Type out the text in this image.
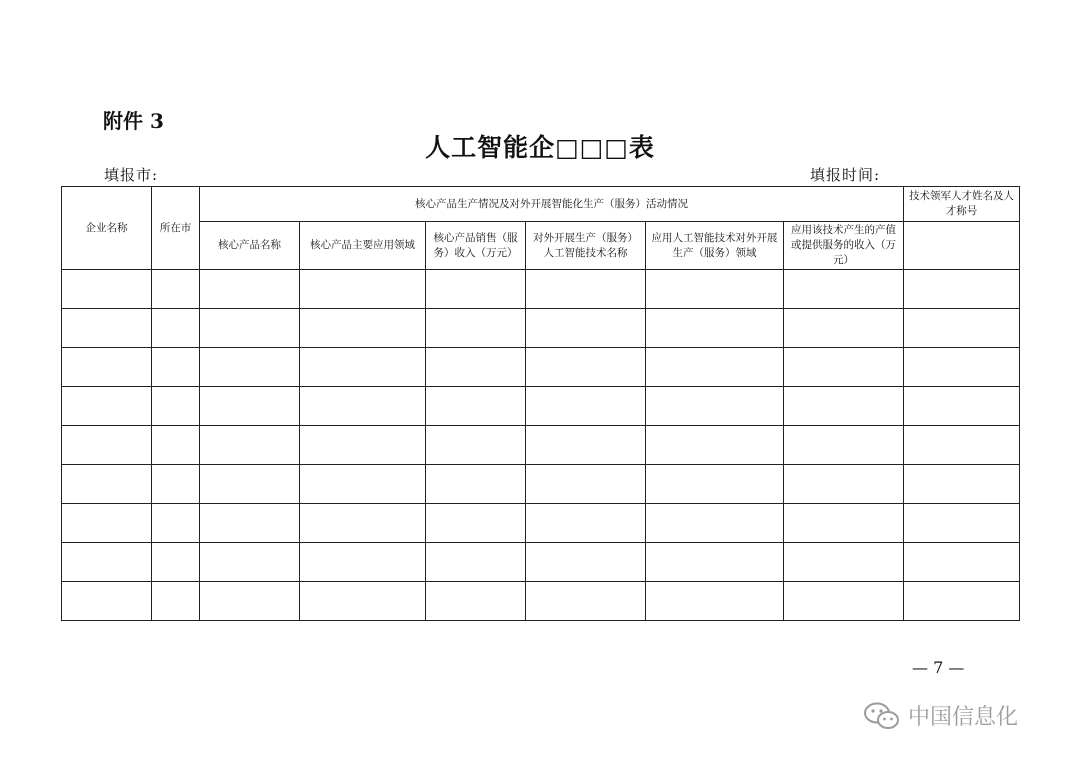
附件 3
人工智能企□□□表
填报市:	填报时间:
企业名称	所在市	核心产品生产情况及对外开展智能化生产（服务）活动情况						技术领军人才姓名及人才称号
		核心产品名称	核心产品主要应用领域	核心产品销售（服务）收入（万元）	对外开展生产（服务）人工智能技术名称	应用人工智能技术对外开展生产（服务）领域	应用该技术产生的产值或提供服务的收入（万元）	

— 7 —
中国信息化
